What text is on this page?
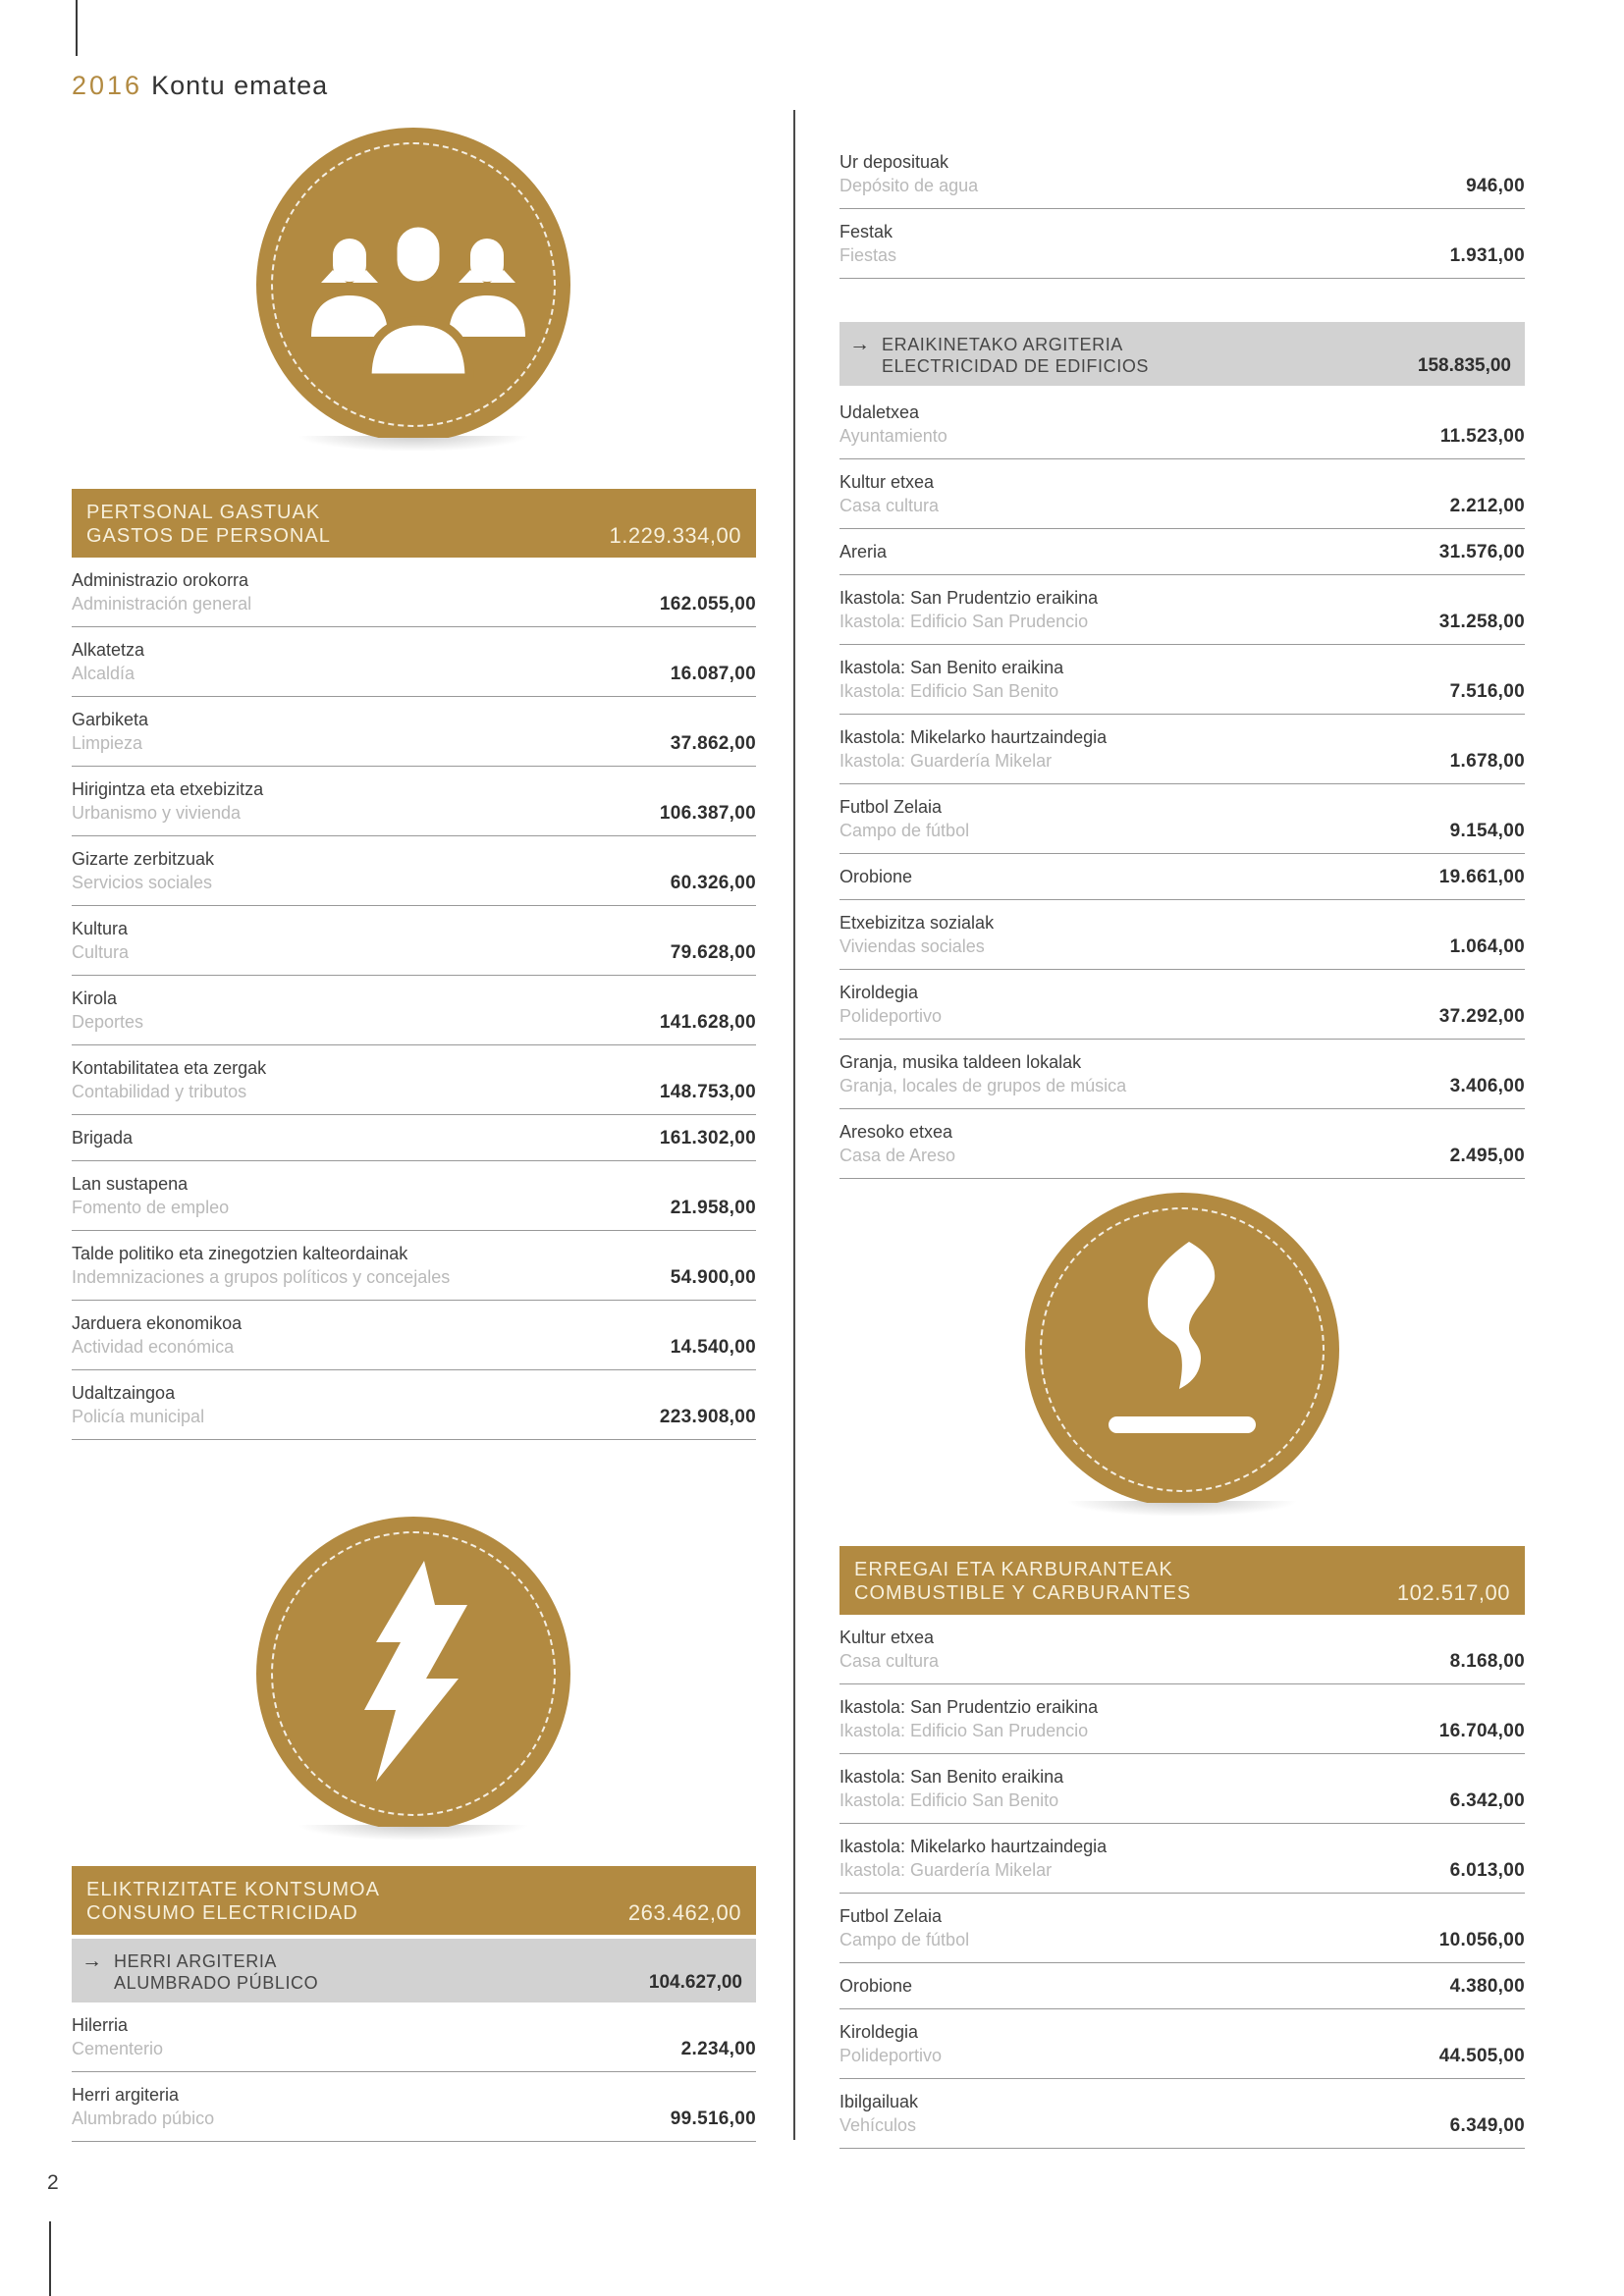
2016 Kontu ematea
PERTSONAL GASTUAK
GASTOS DE PERSONAL	1.229.334,00
Administrazio orokorra
Administración general	162.055,00
Alkatetza
Alcaldía	16.087,00
Garbiketa
Limpieza	37.862,00
Hirigintza eta etxebizitza
Urbanismo y vivienda	106.387,00
Gizarte zerbitzuak
Servicios sociales	60.326,00
Kultura
Cultura	79.628,00
Kirola
Deportes	141.628,00
Kontabilitatea eta zergak
Contabilidad y tributos	148.753,00
Brigada	161.302,00
Lan sustapena
Fomento de empleo	21.958,00
Talde politiko eta zinegotzien kalteordainak
Indemnizaciones a grupos políticos y concejales	54.900,00
Jarduera ekonomikoa
Actividad económica	14.540,00
Udaltzaingoa
Policía municipal	223.908,00
ELIKTRIZITATE KONTSUMOA
CONSUMO ELECTRICIDAD	263.462,00
→ HERRI ARGITERIA
ALUMBRADO PÚBLICO	104.627,00
Hilerria
Cementerio	2.234,00
Herri argiteria
Alumbrado púbico	99.516,00
Ur deposituak
Depósito de agua	946,00
Festak
Fiestas	1.931,00
→ ERAIKINETAKO ARGITERIA
ELECTRICIDAD DE EDIFICIOS	158.835,00
Udaletxea
Ayuntamiento	11.523,00
Kultur etxea
Casa cultura	2.212,00
Areria	31.576,00
Ikastola: San Prudentzio eraikina
Ikastola: Edificio San Prudencio	31.258,00
Ikastola: San Benito eraikina
Ikastola: Edificio San Benito	7.516,00
Ikastola: Mikelarko haurtzaindegia
Ikastola: Guardería Mikelar	1.678,00
Futbol Zelaia
Campo de fútbol	9.154,00
Orobione	19.661,00
Etxebizitza sozialak
Viviendas sociales	1.064,00
Kiroldegia
Polideportivo	37.292,00
Granja, musika taldeen lokalak
Granja, locales de grupos de música	3.406,00
Aresoko etxea
Casa de Areso	2.495,00
ERREGAI ETA KARBURANTEAK
COMBUSTIBLE Y CARBURANTES	102.517,00
Kultur etxea
Casa cultura	8.168,00
Ikastola: San Prudentzio eraikina
Ikastola: Edificio San Prudencio	16.704,00
Ikastola: San Benito eraikina
Ikastola: Edificio San Benito	6.342,00
Ikastola: Mikelarko haurtzaindegia
Ikastola: Guardería Mikelar	6.013,00
Futbol Zelaia
Campo de fútbol	10.056,00
Orobione	4.380,00
Kiroldegia
Polideportivo	44.505,00
Ibilgailuak
Vehículos	6.349,00
2
